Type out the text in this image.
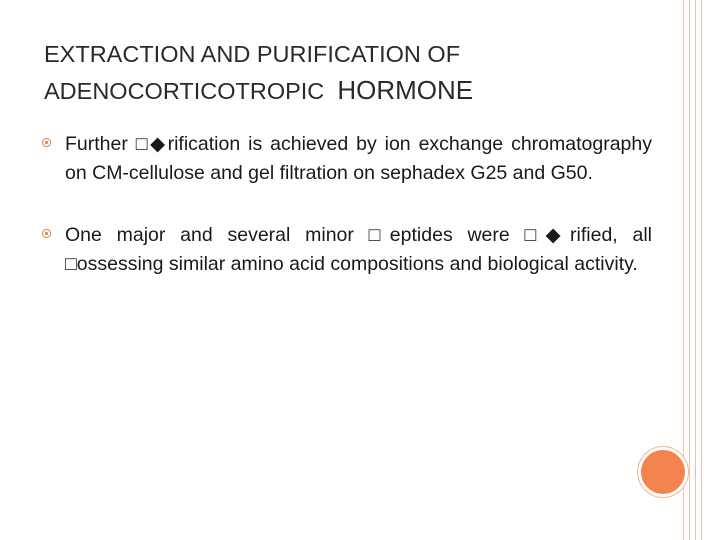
EXTRACTION AND PURIFICATION OF
ADENOCORTICOTROPIC HORMONE
Further □◆rification is achieved by ion exchange chromatography on CM-cellulose and gel filtration on sephadex G25 and G50.
One major and several minor □eptides were □◆rified, all □ossessing similar amino acid compositions and biological activity.
